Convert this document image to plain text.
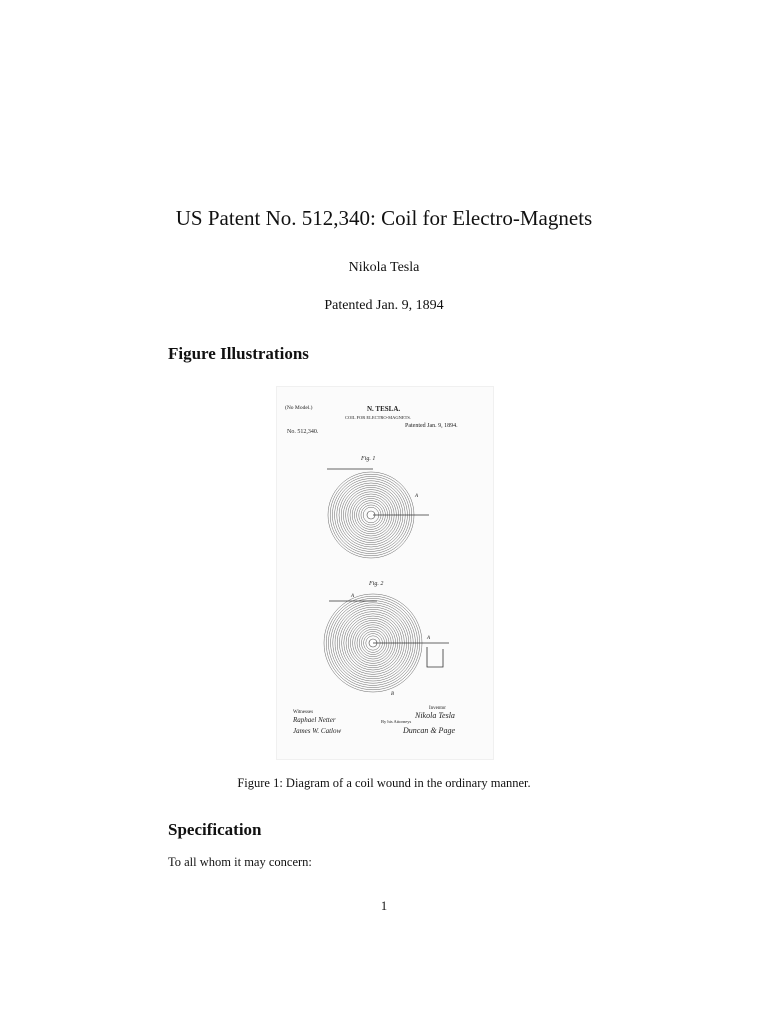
US Patent No. 512,340: Coil for Electro-Magnets
Nikola Tesla
Patented Jan. 9, 1894
Figure Illustrations
(No Model.)	N. TESLA.
COIL FOR ELECTRO-MAGNETS.
No. 512,340.
Patented Jan. 9, 1894.
Fig. 1
A
Fig. 2
A
A
B
Witnesses
Raphael Netter
James W. Catlow
Inventor
Nikola Tesla
By his Attorneys
Duncan & Page
Figure 1: Diagram of a coil wound in the ordinary manner.
Specification
To all whom it may concern:
1
